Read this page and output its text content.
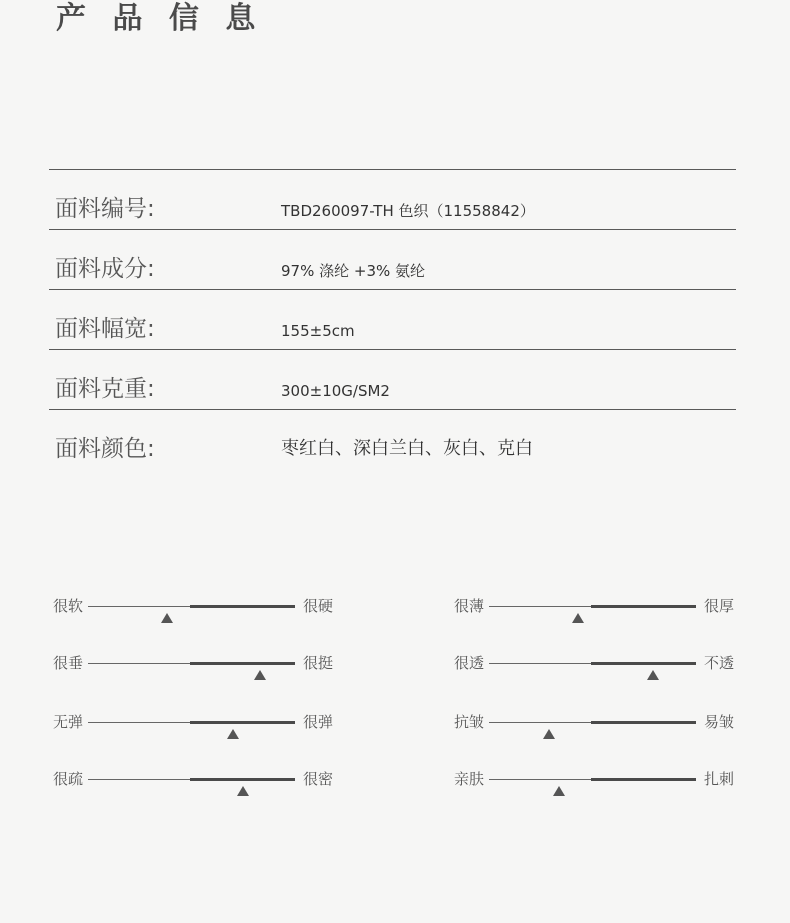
产 品 信 息
面料编号:	TBD260097-TH 色织（11558842）
面料成分:	97% 涤纶 +3% 氨纶
面料幅宽:	155±5cm
面料克重:	300±10G/SM2
面料颜色:	枣红白、深白兰白、灰白、克白
很软	很硬	很薄	很厚
很垂	很挺	很透	不透
无弹	很弹	抗皱	易皱
很疏	很密	亲肤	扎刺
